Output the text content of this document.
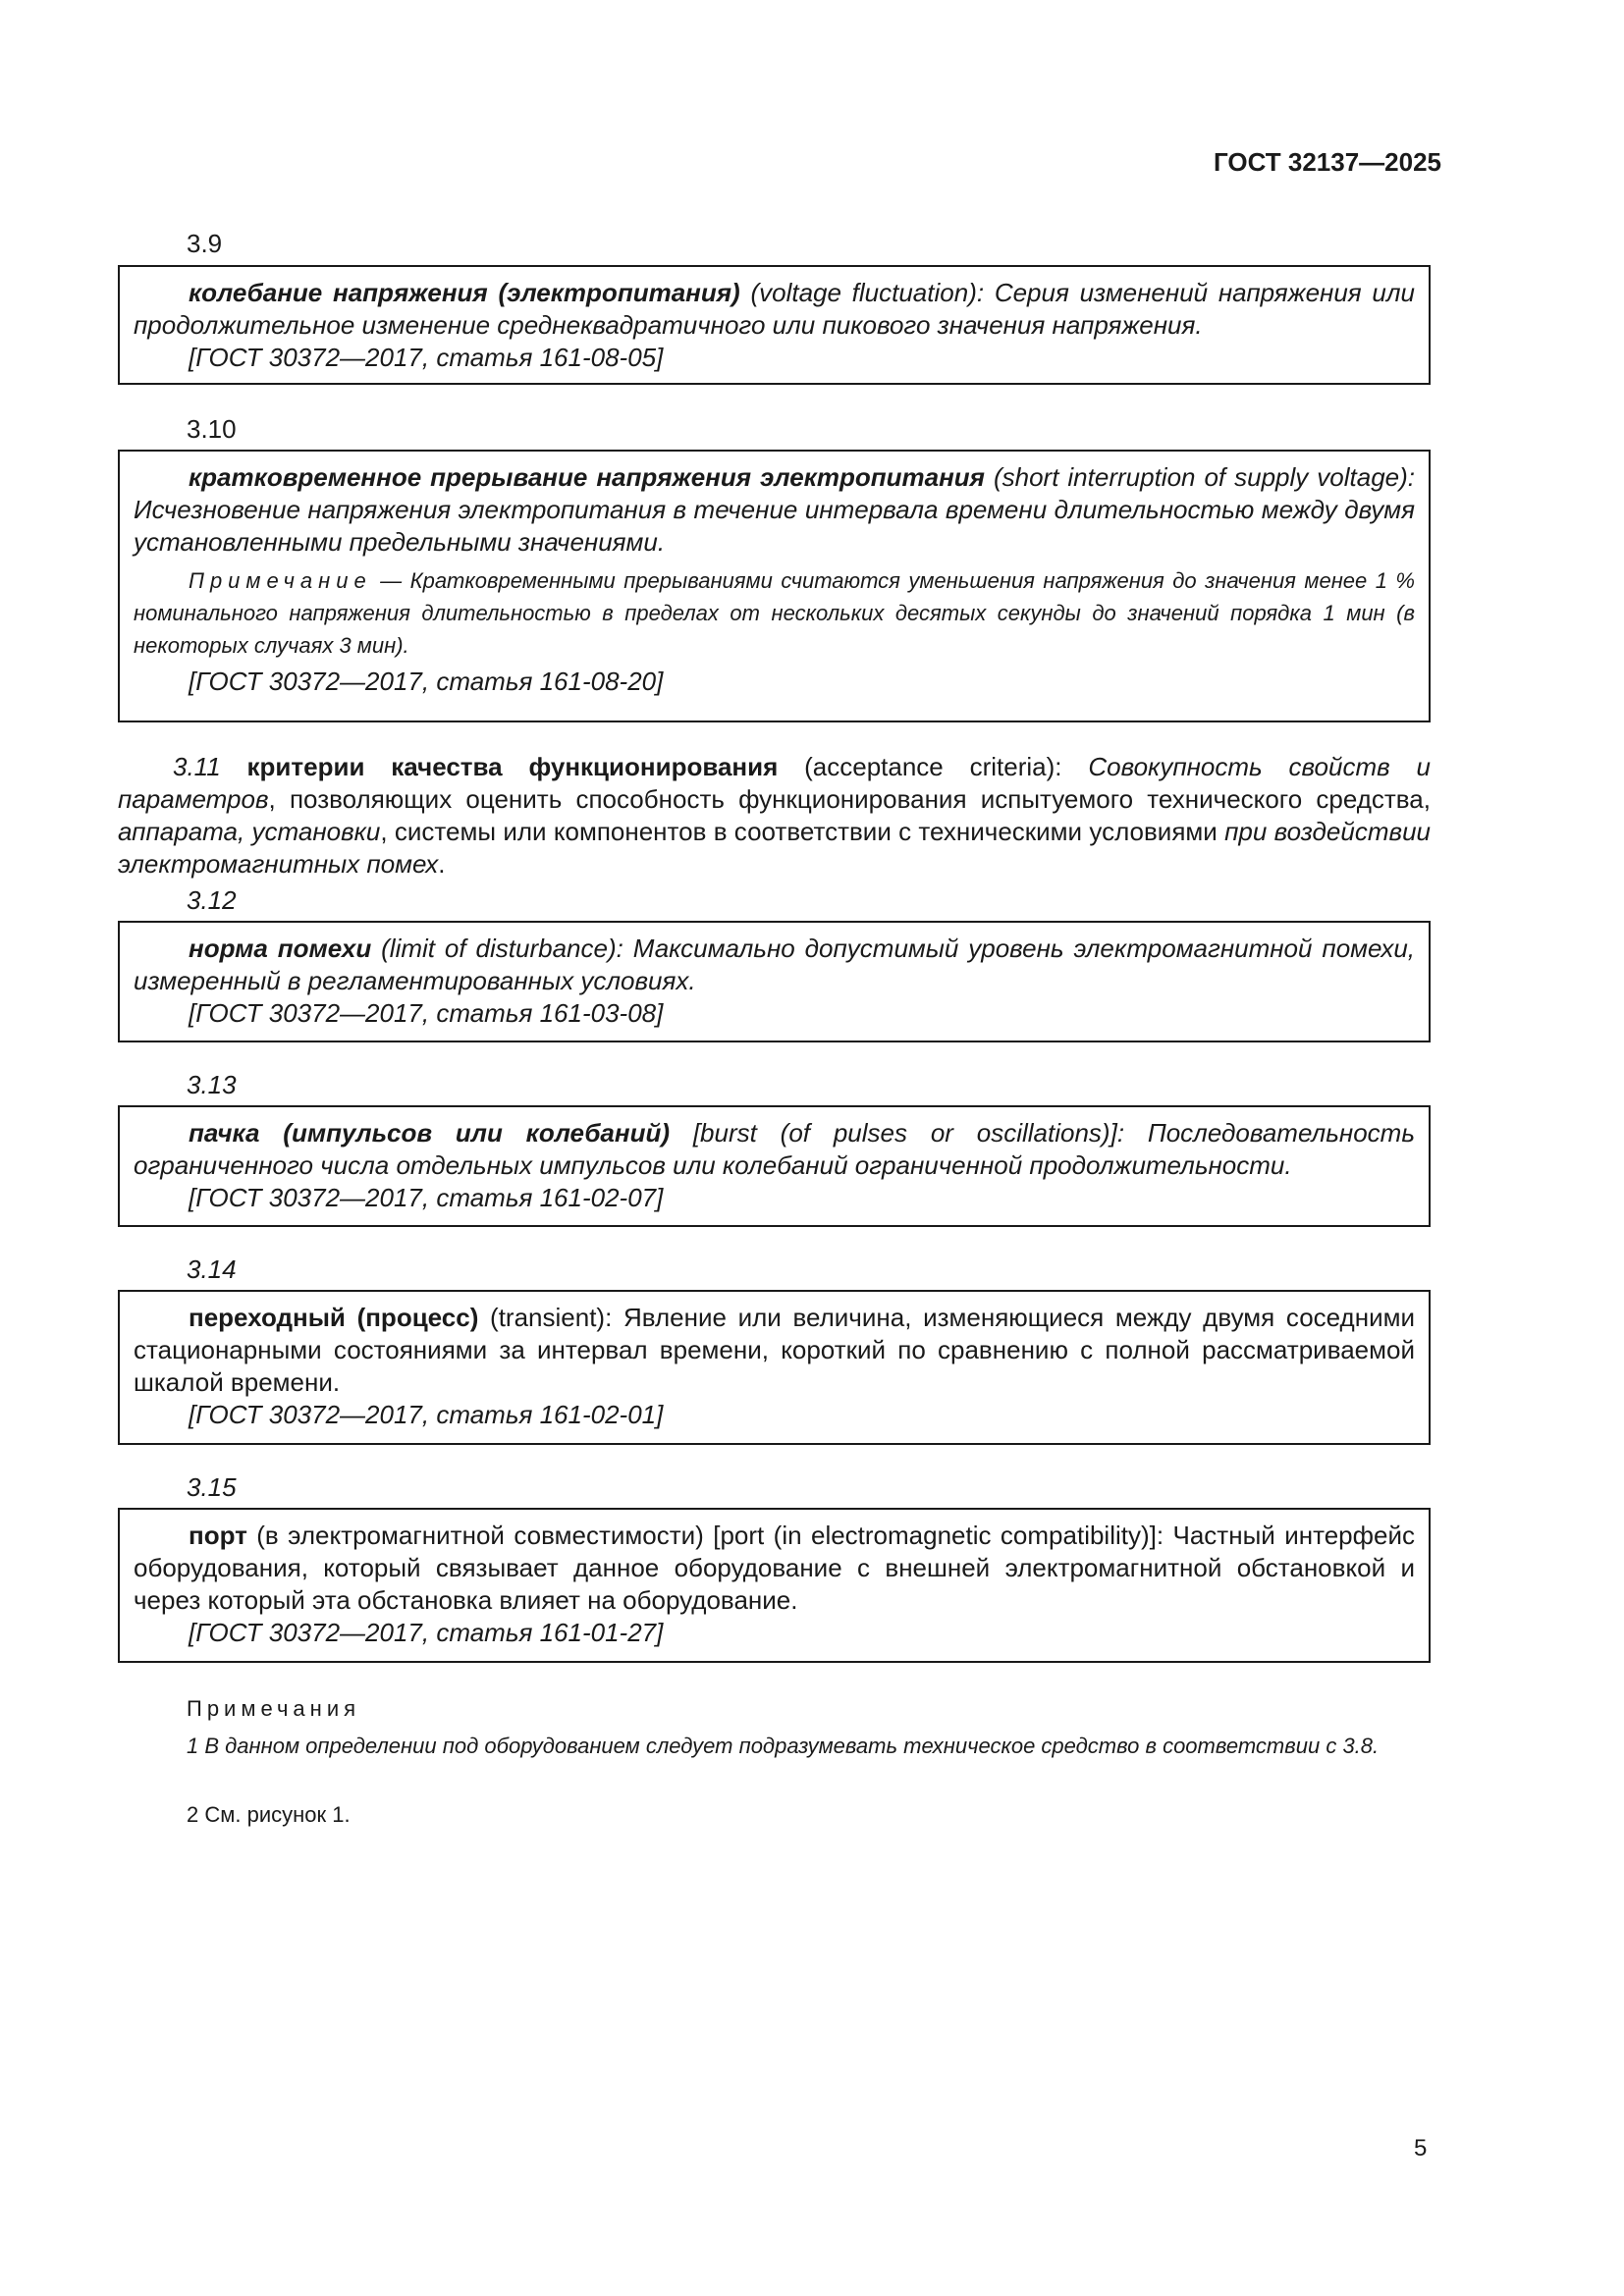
ГОСТ 32137—2025
3.9

колебание напряжения (электропитания) (voltage fluctuation): Серия изменений напряжения или продолжительное изменение среднеквадратичного или пикового значения напряжения.

[ГОСТ 30372—2017, статья 161-08-05]

3.10

кратковременное прерывание напряжения электропитания (short interruption of supply voltage): Исчезновение напряжения электропитания в течение интервала времени длительностью между двумя установленными предельными значениями.

Примечание — Кратковременными прерываниями считаются уменьшения напряжения до значения менее 1 % номинального напряжения длительностью в пределах от нескольких десятых секунды до значений порядка 1 мин (в некоторых случаях 3 мин).

[ГОСТ 30372—2017, статья 161-08-20]

3.11 критерии качества функционирования (acceptance criteria): Совокупность свойств и параметров, позволяющих оценить способность функционирования испытуемого технического средства, аппарата, установки, системы или компонентов в соответствии с техническими условиями при воздействии электромагнитных помех.

3.12

норма помехи (limit of disturbance): Максимально допустимый уровень электромагнитной помехи, измеренный в регламентированных условиях.

[ГОСТ 30372—2017, статья 161-03-08]

3.13

пачка (импульсов или колебаний) [burst (of pulses or oscillations)]: Последовательность ограниченного числа отдельных импульсов или колебаний ограниченной продолжительности.

[ГОСТ 30372—2017, статья 161-02-07]

3.14

переходный (процесс) (transient): Явление или величина, изменяющиеся между двумя соседними стационарными состояниями за интервал времени, короткий по сравнению с полной рассматриваемой шкалой времени.

[ГОСТ 30372—2017, статья 161-02-01]

3.15

порт (в электромагнитной совместимости) [port (in electromagnetic compatibility)]: Частный интерфейс оборудования, который связывает данное оборудование с внешней электромагнитной обстановкой и через который эта обстановка влияет на оборудование.

[ГОСТ 30372—2017, статья 161-01-27]

Примечания

1 В данном определении под оборудованием следует подразумевать техническое средство в соответствии с 3.8.

2 См. рисунок 1.
5
